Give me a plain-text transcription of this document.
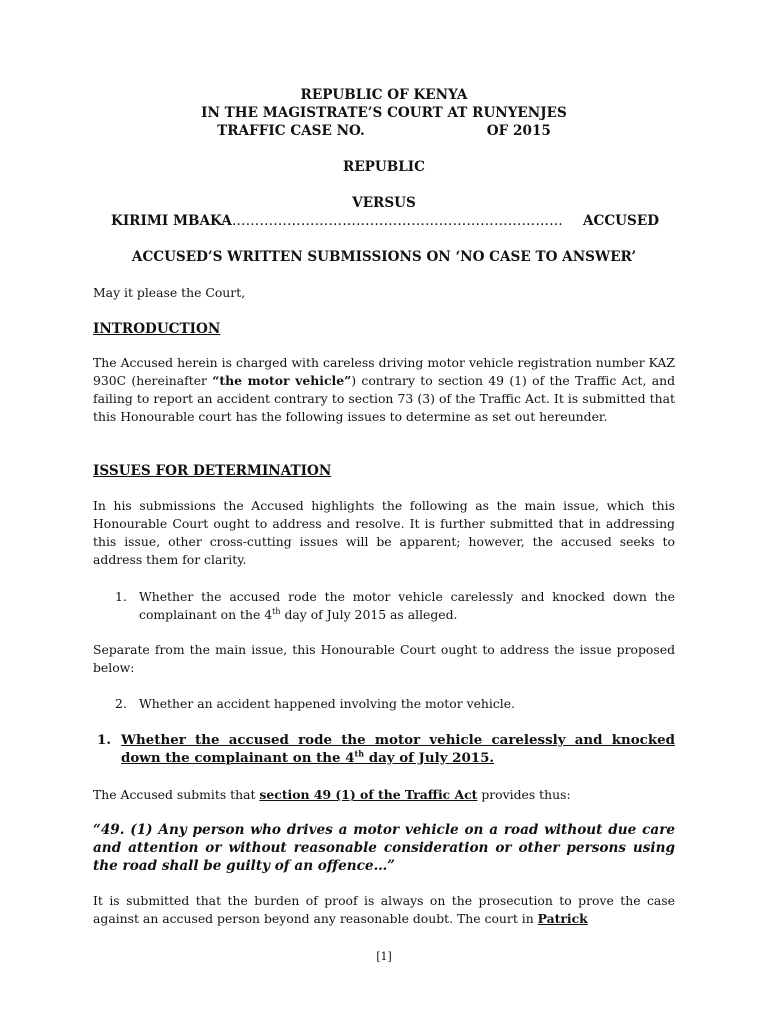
REPUBLIC OF KENYA
IN THE MAGISTRATE’S COURT AT RUNYENJES
TRAFFIC CASE NO.	OF 2015
REPUBLIC
VERSUS
KIRIMI MBAKA……………………………………………………………… ACCUSED
ACCUSED’S WRITTEN SUBMISSIONS ON ‘NO CASE TO ANSWER’
May it please the Court,
INTRODUCTION

The Accused herein is charged with careless driving motor vehicle registration number KAZ 930C (hereinafter “the motor vehicle”) contrary to section 49 (1) of the Traffic Act, and failing to report an accident contrary to section 73 (3) of the Traffic Act. It is submitted that this Honourable court has the following issues to determine as set out hereunder.

ISSUES FOR DETERMINATION

In his submissions the Accused highlights the following as the main issue, which this Honourable Court ought to address and resolve. It is further submitted that in addressing this issue, other cross-cutting issues will be apparent; however, the accused seeks to address them for clarity.

1. Whether the accused rode the motor vehicle carelessly and knocked down the complainant on the 4th day of July 2015 as alleged.

Separate from the main issue, this Honourable Court ought to address the issue proposed below:

2. Whether an accident happened involving the motor vehicle.
1. Whether the accused rode the motor vehicle carelessly and knocked down the complainant on the 4th day of July 2015.

The Accused submits that section 49 (1) of the Traffic Act provides thus:

“49. (1) Any person who drives a motor vehicle on a road without due care and attention or without reasonable consideration or other persons using the road shall be guilty of an offence…”

It is submitted that the burden of proof is always on the prosecution to prove the case against an accused person beyond any reasonable doubt. The court in Patrick

[1]
